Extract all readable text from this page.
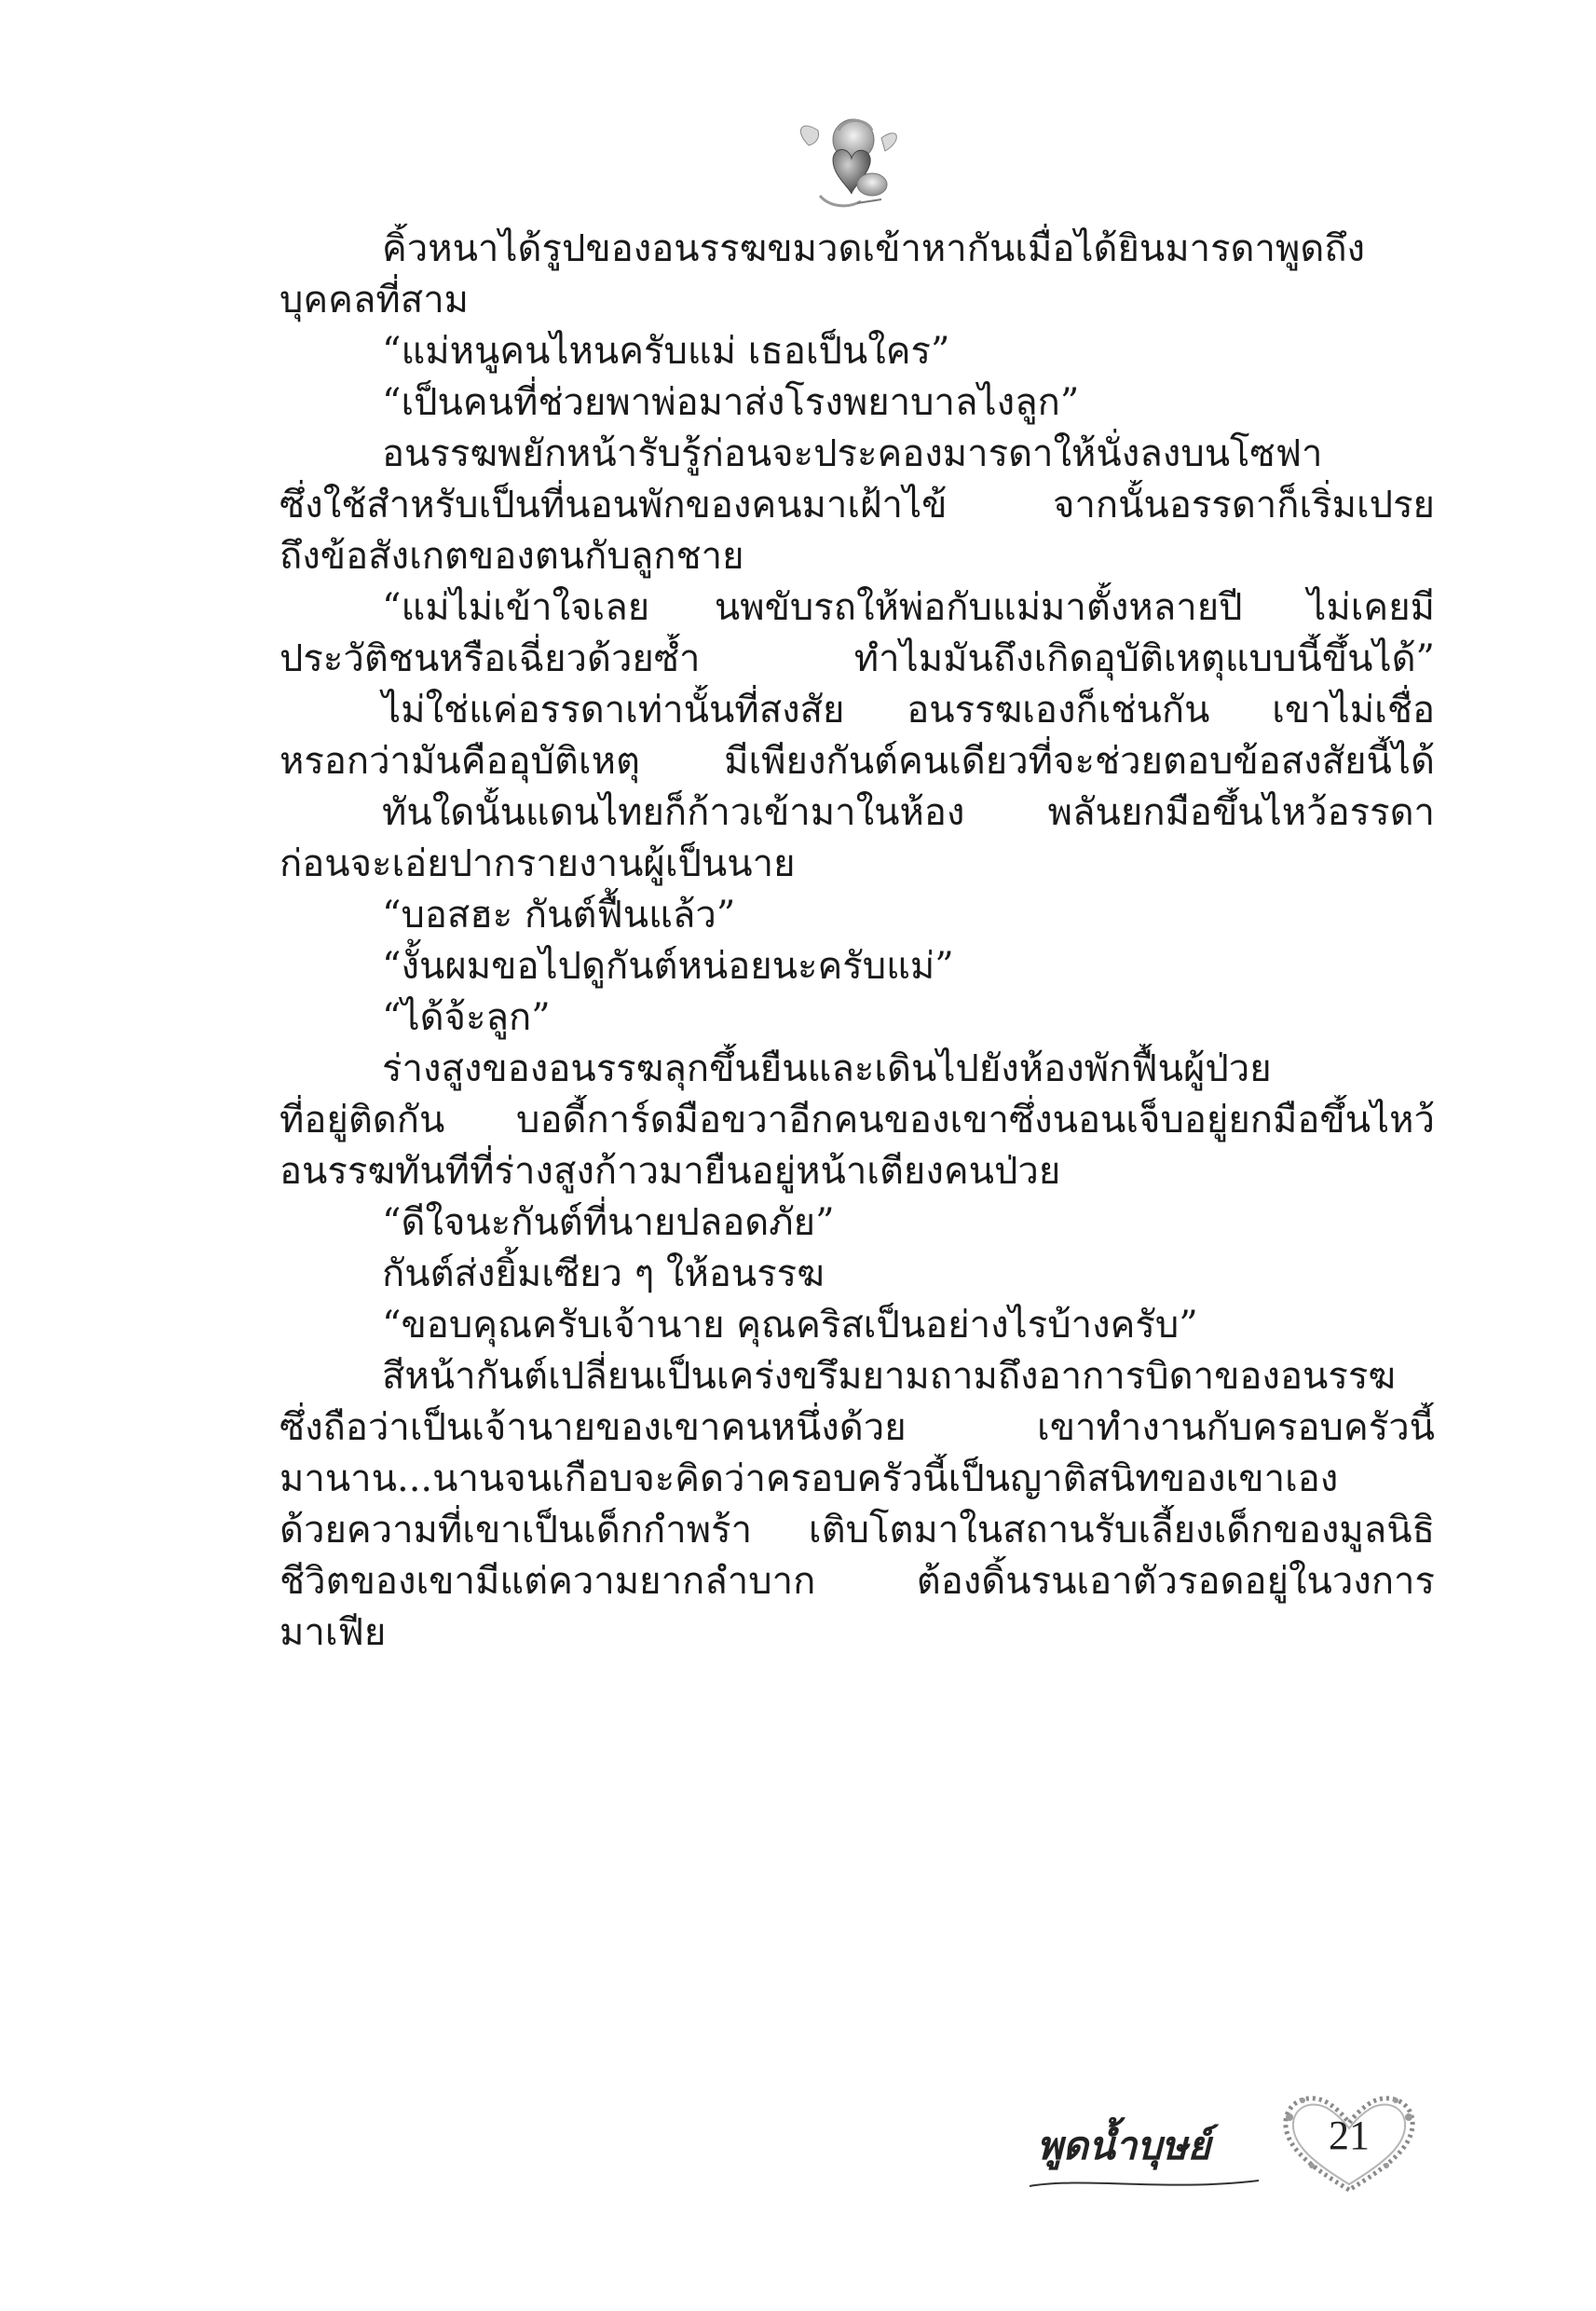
คิ้วหนาได้รูปของอนรรฆขมวดเข้าหากันเมื่อได้ยินมารดาพูดถึง
บุคคลที่สาม
“แม่หนูคนไหนครับแม่ เธอเป็นใคร”
“เป็นคนที่ช่วยพาพ่อมาส่งโรงพยาบาลไงลูก”
อนรรฆพยักหน้ารับรู้ก่อนจะประคองมารดาให้นั่งลงบนโซฟา
ซึ่งใช้สำหรับเป็นที่นอนพักของคนมาเฝ้าไข้ จากนั้นอรรดาก็เริ่มเปรย
ถึงข้อสังเกตของตนกับลูกชาย
“แม่ไม่เข้าใจเลย นพขับรถให้พ่อกับแม่มาตั้งหลายปี ไม่เคยมี
ประวัติชนหรือเฉี่ยวด้วยซ้ำ ทำไมมันถึงเกิดอุบัติเหตุแบบนี้ขึ้นได้”
ไม่ใช่แค่อรรดาเท่านั้นที่สงสัย อนรรฆเองก็เช่นกัน เขาไม่เชื่อ
หรอกว่ามันคืออุบัติเหตุ มีเพียงกันต์คนเดียวที่จะช่วยตอบข้อสงสัยนี้ได้
ทันใดนั้นแดนไทยก็ก้าวเข้ามาในห้อง พลันยกมือขึ้นไหว้อรรดา
ก่อนจะเอ่ยปากรายงานผู้เป็นนาย
“บอสฮะ กันต์ฟื้นแล้ว”
“งั้นผมขอไปดูกันต์หน่อยนะครับแม่”
“ได้จ้ะลูก”
ร่างสูงของอนรรฆลุกขึ้นยืนและเดินไปยังห้องพักฟื้นผู้ป่วย
ที่อยู่ติดกัน บอดี้การ์ดมือขวาอีกคนของเขาซึ่งนอนเจ็บอยู่ยกมือขึ้นไหว้
อนรรฆทันทีที่ร่างสูงก้าวมายืนอยู่หน้าเตียงคนป่วย
“ดีใจนะกันต์ที่นายปลอดภัย”
กันต์ส่งยิ้มเซียว ๆ ให้อนรรฆ
“ขอบคุณครับเจ้านาย คุณคริสเป็นอย่างไรบ้างครับ”
สีหน้ากันต์เปลี่ยนเป็นเคร่งขรึมยามถามถึงอาการบิดาของอนรรฆ
ซึ่งถือว่าเป็นเจ้านายของเขาคนหนึ่งด้วย เขาทำงานกับครอบครัวนี้
มานาน...นานจนเกือบจะคิดว่าครอบครัวนี้เป็นญาติสนิทของเขาเอง
ด้วยความที่เขาเป็นเด็กกำพร้า เติบโตมาในสถานรับเลี้ยงเด็กของมูลนิธิ
ชีวิตของเขามีแต่ความยากลำบาก ต้องดิ้นรนเอาตัวรอดอยู่ในวงการ
มาเฟีย
พูดน้ำบุษย์	21
